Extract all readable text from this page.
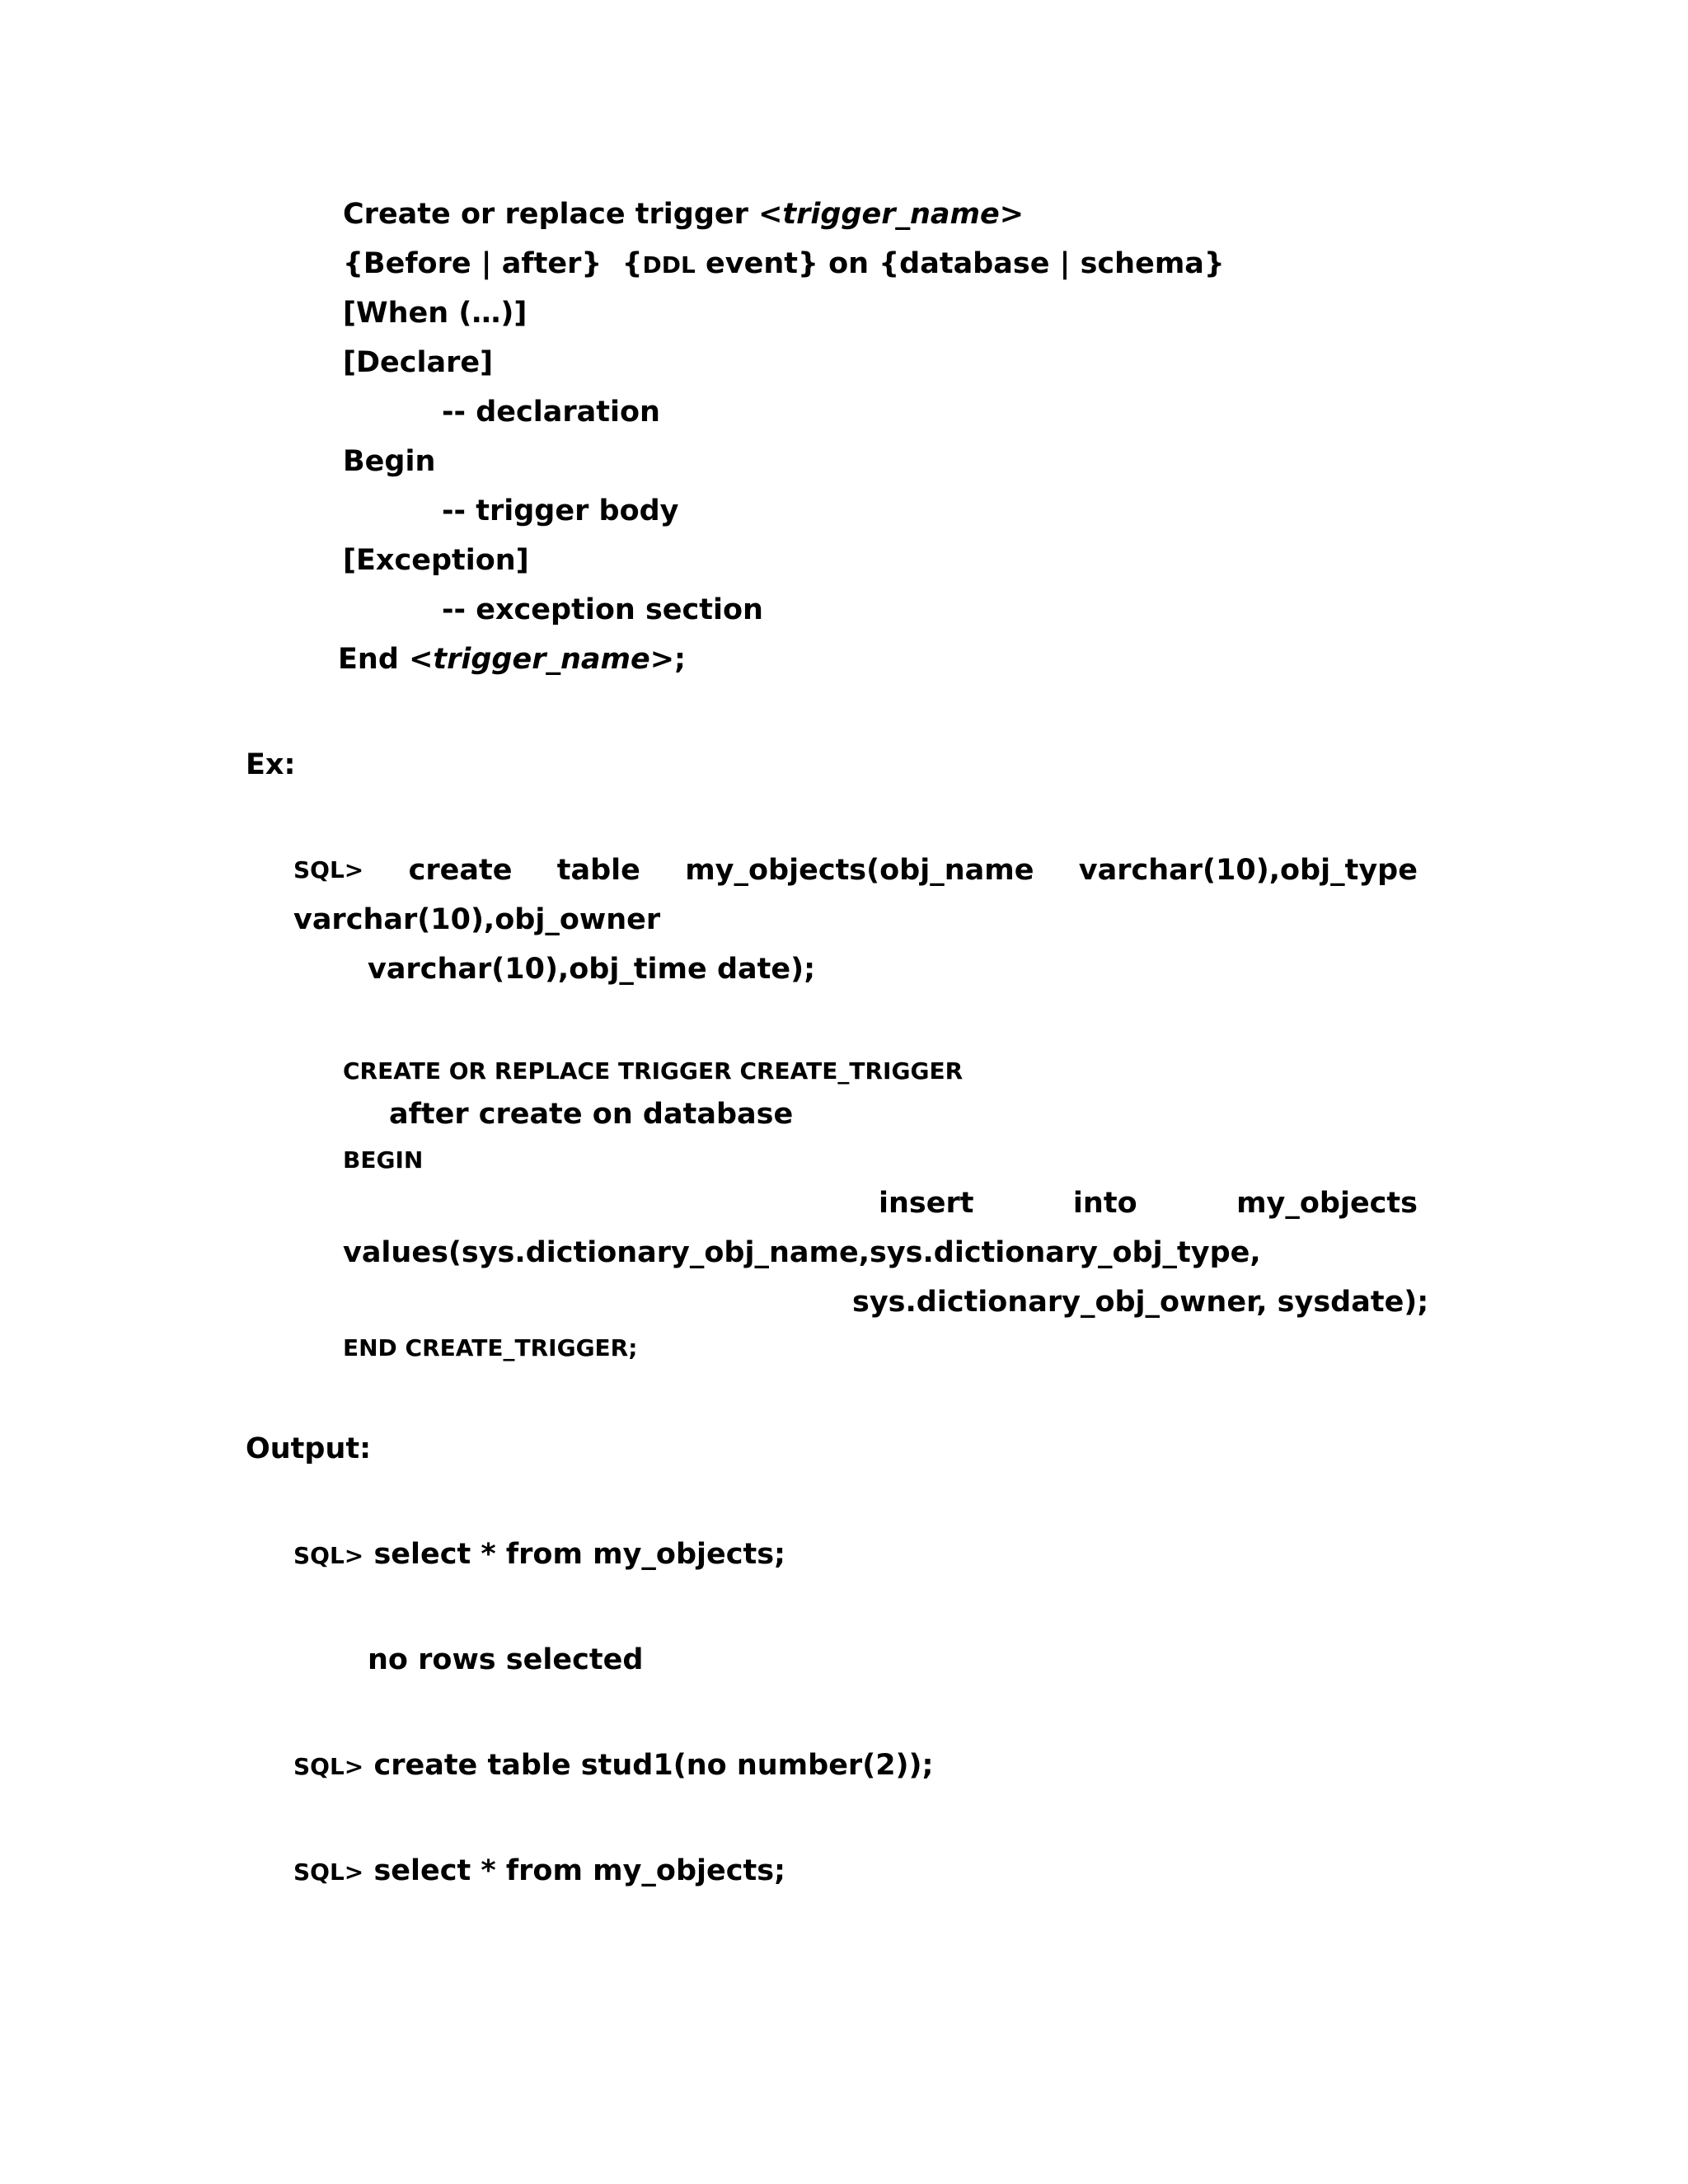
Create or replace trigger <trigger_name>
{Before | after}  {DDL event} on {database | schema}
[When (…)]
[Declare]
-- declaration
Begin
-- trigger body
[Exception]
-- exception section
End <trigger_name>;
Ex:
SQL> create table my_objects(obj_name varchar(10),obj_type
varchar(10),obj_owner
varchar(10),obj_time date);
CREATE OR REPLACE TRIGGER CREATE_TRIGGER
after create on database
BEGIN
insert	into	my_objects
values(sys.dictionary_obj_name,sys.dictionary_obj_type,
sys.dictionary_obj_owner, sysdate);
END CREATE_TRIGGER;
Output:
SQL> select * from my_objects;
no rows selected
SQL> create table stud1(no number(2));
SQL> select * from my_objects;
